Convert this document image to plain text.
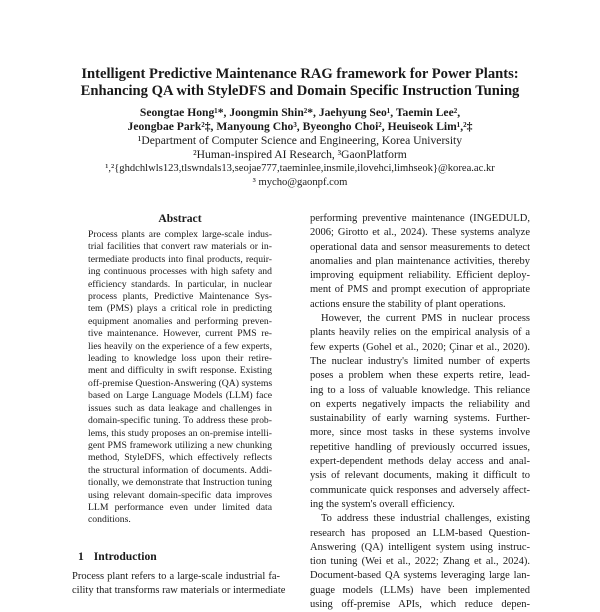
Intelligent Predictive Maintenance RAG framework for Power Plants:
Enhancing QA with StyleDFS and Domain Specific Instruction Tuning
Seongtae Hong¹*, Joongmin Shin²*, Jaehyung Seo¹, Taemin Lee²,
Jeongbae Park²‡, Manyoung Cho³, Byeongho Choi², Heuiseok Lim¹,²‡
¹Department of Computer Science and Engineering, Korea University
²Human-inspired AI Research, ³GaonPlatform
¹,²{ghdchlwls123,tlswndals13,seojae777,taeminlee,insmile,ilovehci,limhseok}@korea.ac.kr
³ mycho@gaonpf.com
Abstract
Process plants are complex large-scale indus-
trial facilities that convert raw materials or in-
termediate products into final products, requir-
ing continuous processes with high safety and
efficiency standards. In particular, in nuclear
process plants, Predictive Maintenance Sys-
tem (PMS) plays a critical role in predicting
equipment anomalies and performing preven-
tive maintenance. However, current PMS re-
lies heavily on the experience of a few experts,
leading to knowledge loss upon their retire-
ment and difficulty in swift response. Existing
off-premise Question-Answering (QA) systems
based on Large Language Models (LLM) face
issues such as data leakage and challenges in
domain-specific tuning. To address these prob-
lems, this study proposes an on-premise intelli-
gent PMS framework utilizing a new chunking
method, StyleDFS, which effectively reflects
the structural information of documents. Addi-
tionally, we demonstrate that Instruction tuning
using relevant domain-specific data improves
LLM performance even under limited data
conditions.
1 Introduction
Process plant refers to a large-scale industrial fa-
cility that transforms raw materials or intermediate
performing preventive maintenance (INGEDULD,
2006; Girotto et al., 2024). These systems analyze
operational data and sensor measurements to detect
anomalies and plan maintenance activities, thereby
improving equipment reliability. Efficient deploy-
ment of PMS and prompt execution of appropriate
actions ensure the stability of plant operations.
However, the current PMS in nuclear process
plants heavily relies on the empirical analysis of a
few experts (Gohel et al., 2020; Çinar et al., 2020).
The nuclear industry's limited number of experts
poses a problem when these experts retire, lead-
ing to a loss of valuable knowledge. This reliance
on experts negatively impacts the reliability and
sustainability of early warning systems. Further-
more, since most tasks in these systems involve
repetitive handling of previously occurred issues,
expert-dependent methods delay access and anal-
ysis of relevant documents, making it difficult to
communicate quick responses and adversely affect-
ing the system's overall efficiency.
To address these industrial challenges, existing
research has proposed an LLM-based Question-
Answering (QA) intelligent system using instruc-
tion tuning (Wei et al., 2022; Zhang et al., 2024).
Document-based QA systems leveraging large lan-
guage models (LLMs) have been implemented
using off-premise APIs, which reduce depen-
